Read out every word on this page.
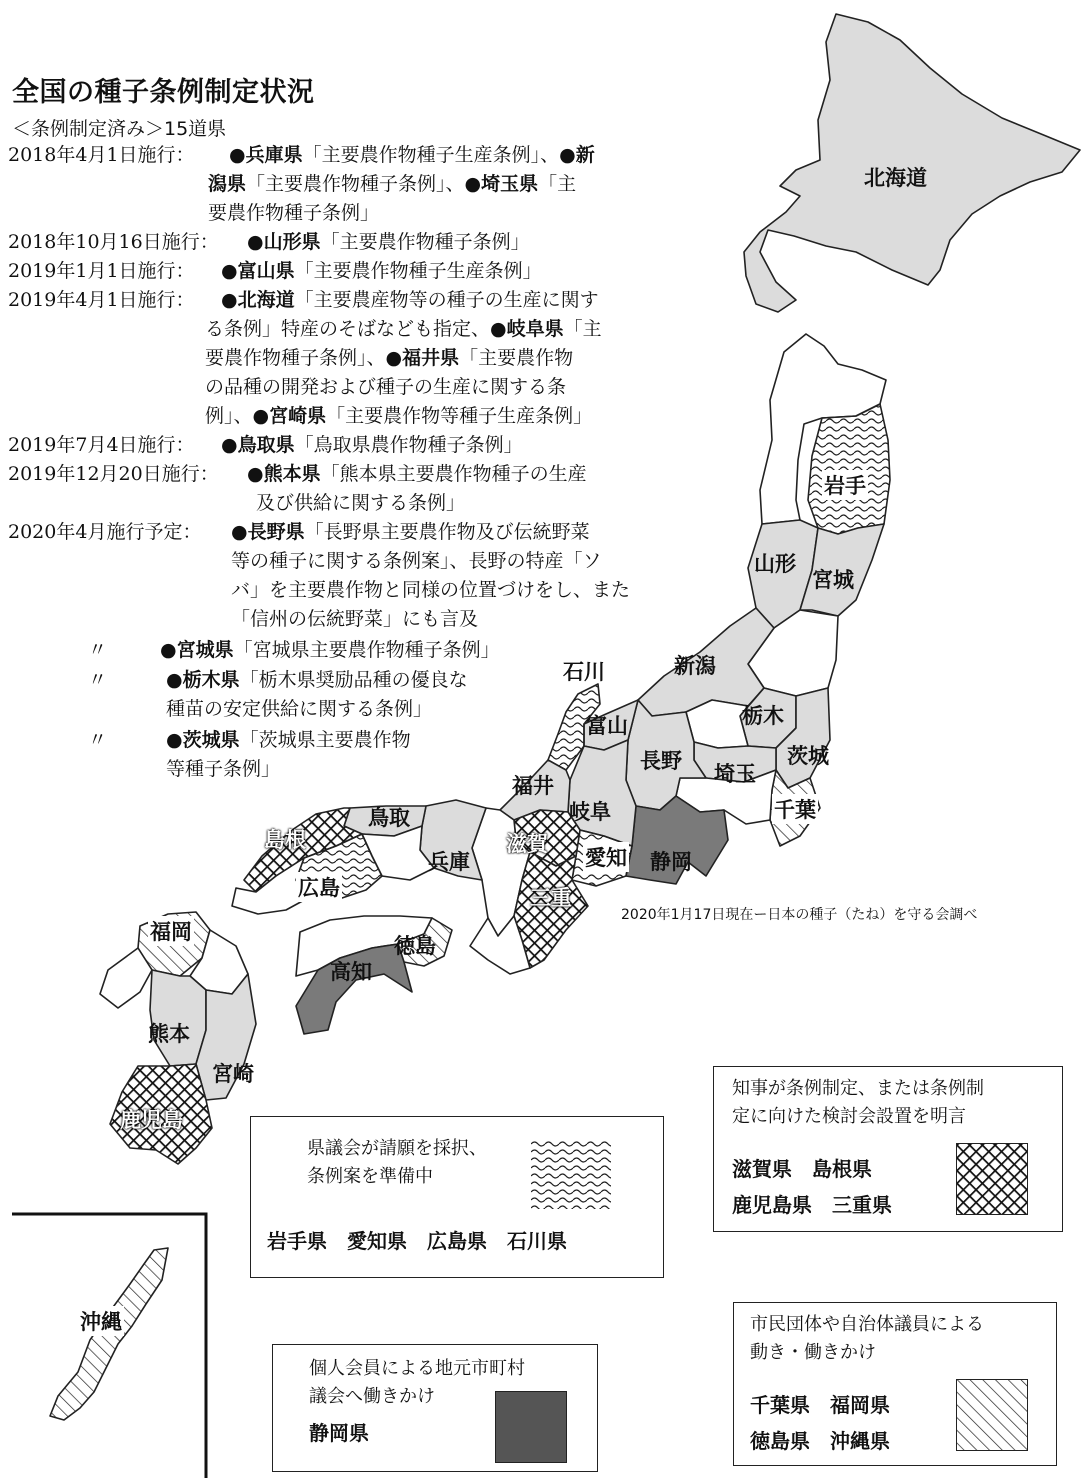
全国の種子条例制定状況
＜条例制定済み＞15道県
2018年4月1日施行： ●兵庫県「主要農作物種子生産条例」、●新
潟県「主要農作物種子条例」、●埼玉県「主
要農作物種子条例」
2018年10月16日施行： ●山形県「主要農作物種子条例」
2019年1月1日施行： ●富山県「主要農作物種子生産条例」
2019年4月1日施行： ●北海道「主要農産物等の種子の生産に関す
る条例」特産のそばなども指定、●岐阜県「主
要農作物種子条例」、●福井県「主要農作物
の品種の開発および種子の生産に関する条
例」、●宮崎県「主要農作物等種子生産条例」
2019年7月4日施行： ●鳥取県「鳥取県農作物種子条例」
2019年12月20日施行： ●熊本県「熊本県主要農作物種子の生産
及び供給に関する条例」
2020年4月施行予定： ●長野県「長野県主要農作物及び伝統野菜
等の種子に関する条例案」、長野の特産「ソ
バ」を主要農作物と同様の位置づけをし、また
「信州の伝統野菜」にも言及
〃	●宮城県「宮城県主要農作物種子条例」
〃	●栃木県「栃木県奨励品種の優良な
種苗の安定供給に関する条例」
〃	●茨城県「茨城県主要農作物
等種子条例」
北海道
岩手
山形
宮城
新潟
石川
富山	栃木
茨城
長野
埼玉
福井
千葉
鳥取	岐阜
島根	滋賀
愛知 静岡
兵庫
広島	三重
徳島
福岡
高知
熊本
宮崎
鹿児島
沖縄
2020年1月17日現在ー日本の種子（たね）を守る会調べ
県議会が請願を採択、
条例案を準備中
岩手県　愛知県　広島県　石川県
知事が条例制定、または条例制
定に向けた検討会設置を明言
滋賀県　島根県
鹿児島県　三重県
個人会員による地元市町村
議会へ働きかけ
静岡県
市民団体や自治体議員による
動き・働きかけ
千葉県　福岡県
徳島県　沖縄県
